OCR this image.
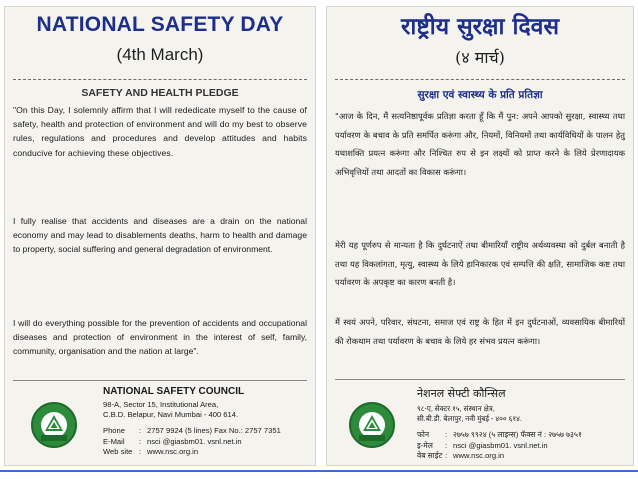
NATIONAL SAFETY DAY
(4th March)
SAFETY AND HEALTH PLEDGE

"On this Day, I solemnly affirm that I will rededicate myself to the cause of safety, health and protection of environment and will do my best to observe rules, regulations and procedures and develop attitudes and habits conducive for achieving these objectives.

I fully realise that accidents and diseases are a drain on the national economy and may lead to disablements deaths, harm to health and damage to property, social suffering and general degradation of environment.

I will do everything possible for the prevention of accidents and occupational diseases and protection of environment in the interest of self, family, community, organisation and the nation at large".

NATIONAL SAFETY COUNCIL
98-A, Sector 15, Institutional Area,
C.B.D. Belapur, Navi Mumbai - 400 614.
Phone	: 2757 9924 (5 lines) Fax No.: 2757 7351
E-Mail	: nsci @giasbm01. vsnl.net.in
Web site : www.nsc.org.in
राष्ट्रीय सुरक्षा दिवस
(४ मार्च)
सुरक्षा एवं स्वास्थ्य के प्रति प्रतिज्ञा

"आज के दिन, मैं सत्यनिष्ठापूर्वक प्रतिज्ञा करता हूँ कि मैं पुन: अपने आपको सुरक्षा, स्वास्थ्य तथा पर्यावरण के बचाव के प्रति समर्पित करूंगा और, नियमों, विनियमों तथा कार्यविधियों के पालन हेतु यथाशक्ति प्रयत्न करूंगा और निश्चित रुप से इन लक्ष्यों को प्राप्त करने के लिये प्रेरणादायक अभिवृत्तियों तथा आदतों का विकास करूंगा।

मेरी यह पूर्णरुप से मान्यता है कि दुर्घटनाऐं तथा बीमारियाँ राष्ट्रीय अर्थव्यवस्था को दुर्बल बनाती है तथा यह विकलांगता, मृत्यु, स्वास्थ्य के लिये हानिकारक एवं सम्पत्ति की क्षति, सामाजिक कष्ट तथा पर्यावरण के अपकृष्ट का कारण बनती है।

मैं स्वयं अपने, परिवार, संघटना, समाज एवं राष्ट्र के हित में इन दुर्घटनाओं, व्यवसायिक बीमारियों की रोकथाम तथा पर्यावरण के बचाव के लिये हर संभव प्रयत्न करूंगा।

नेशनल सेफ्टी कौन्सिल
९८-ए, सेक्टर १५, संस्थान क्षेत्र,
सी.बी.डी. बेलापुर, नवी मुंबई - ४०० ६१४.
फोन	: २७५७ ९९२४ (५ लाइन्स) फॅक्स नं : २७५७ ७३५१
इ-मेल	: nsci @giasbm01. vsnl.net.in
वेब साईट : www.nsc.org.in
